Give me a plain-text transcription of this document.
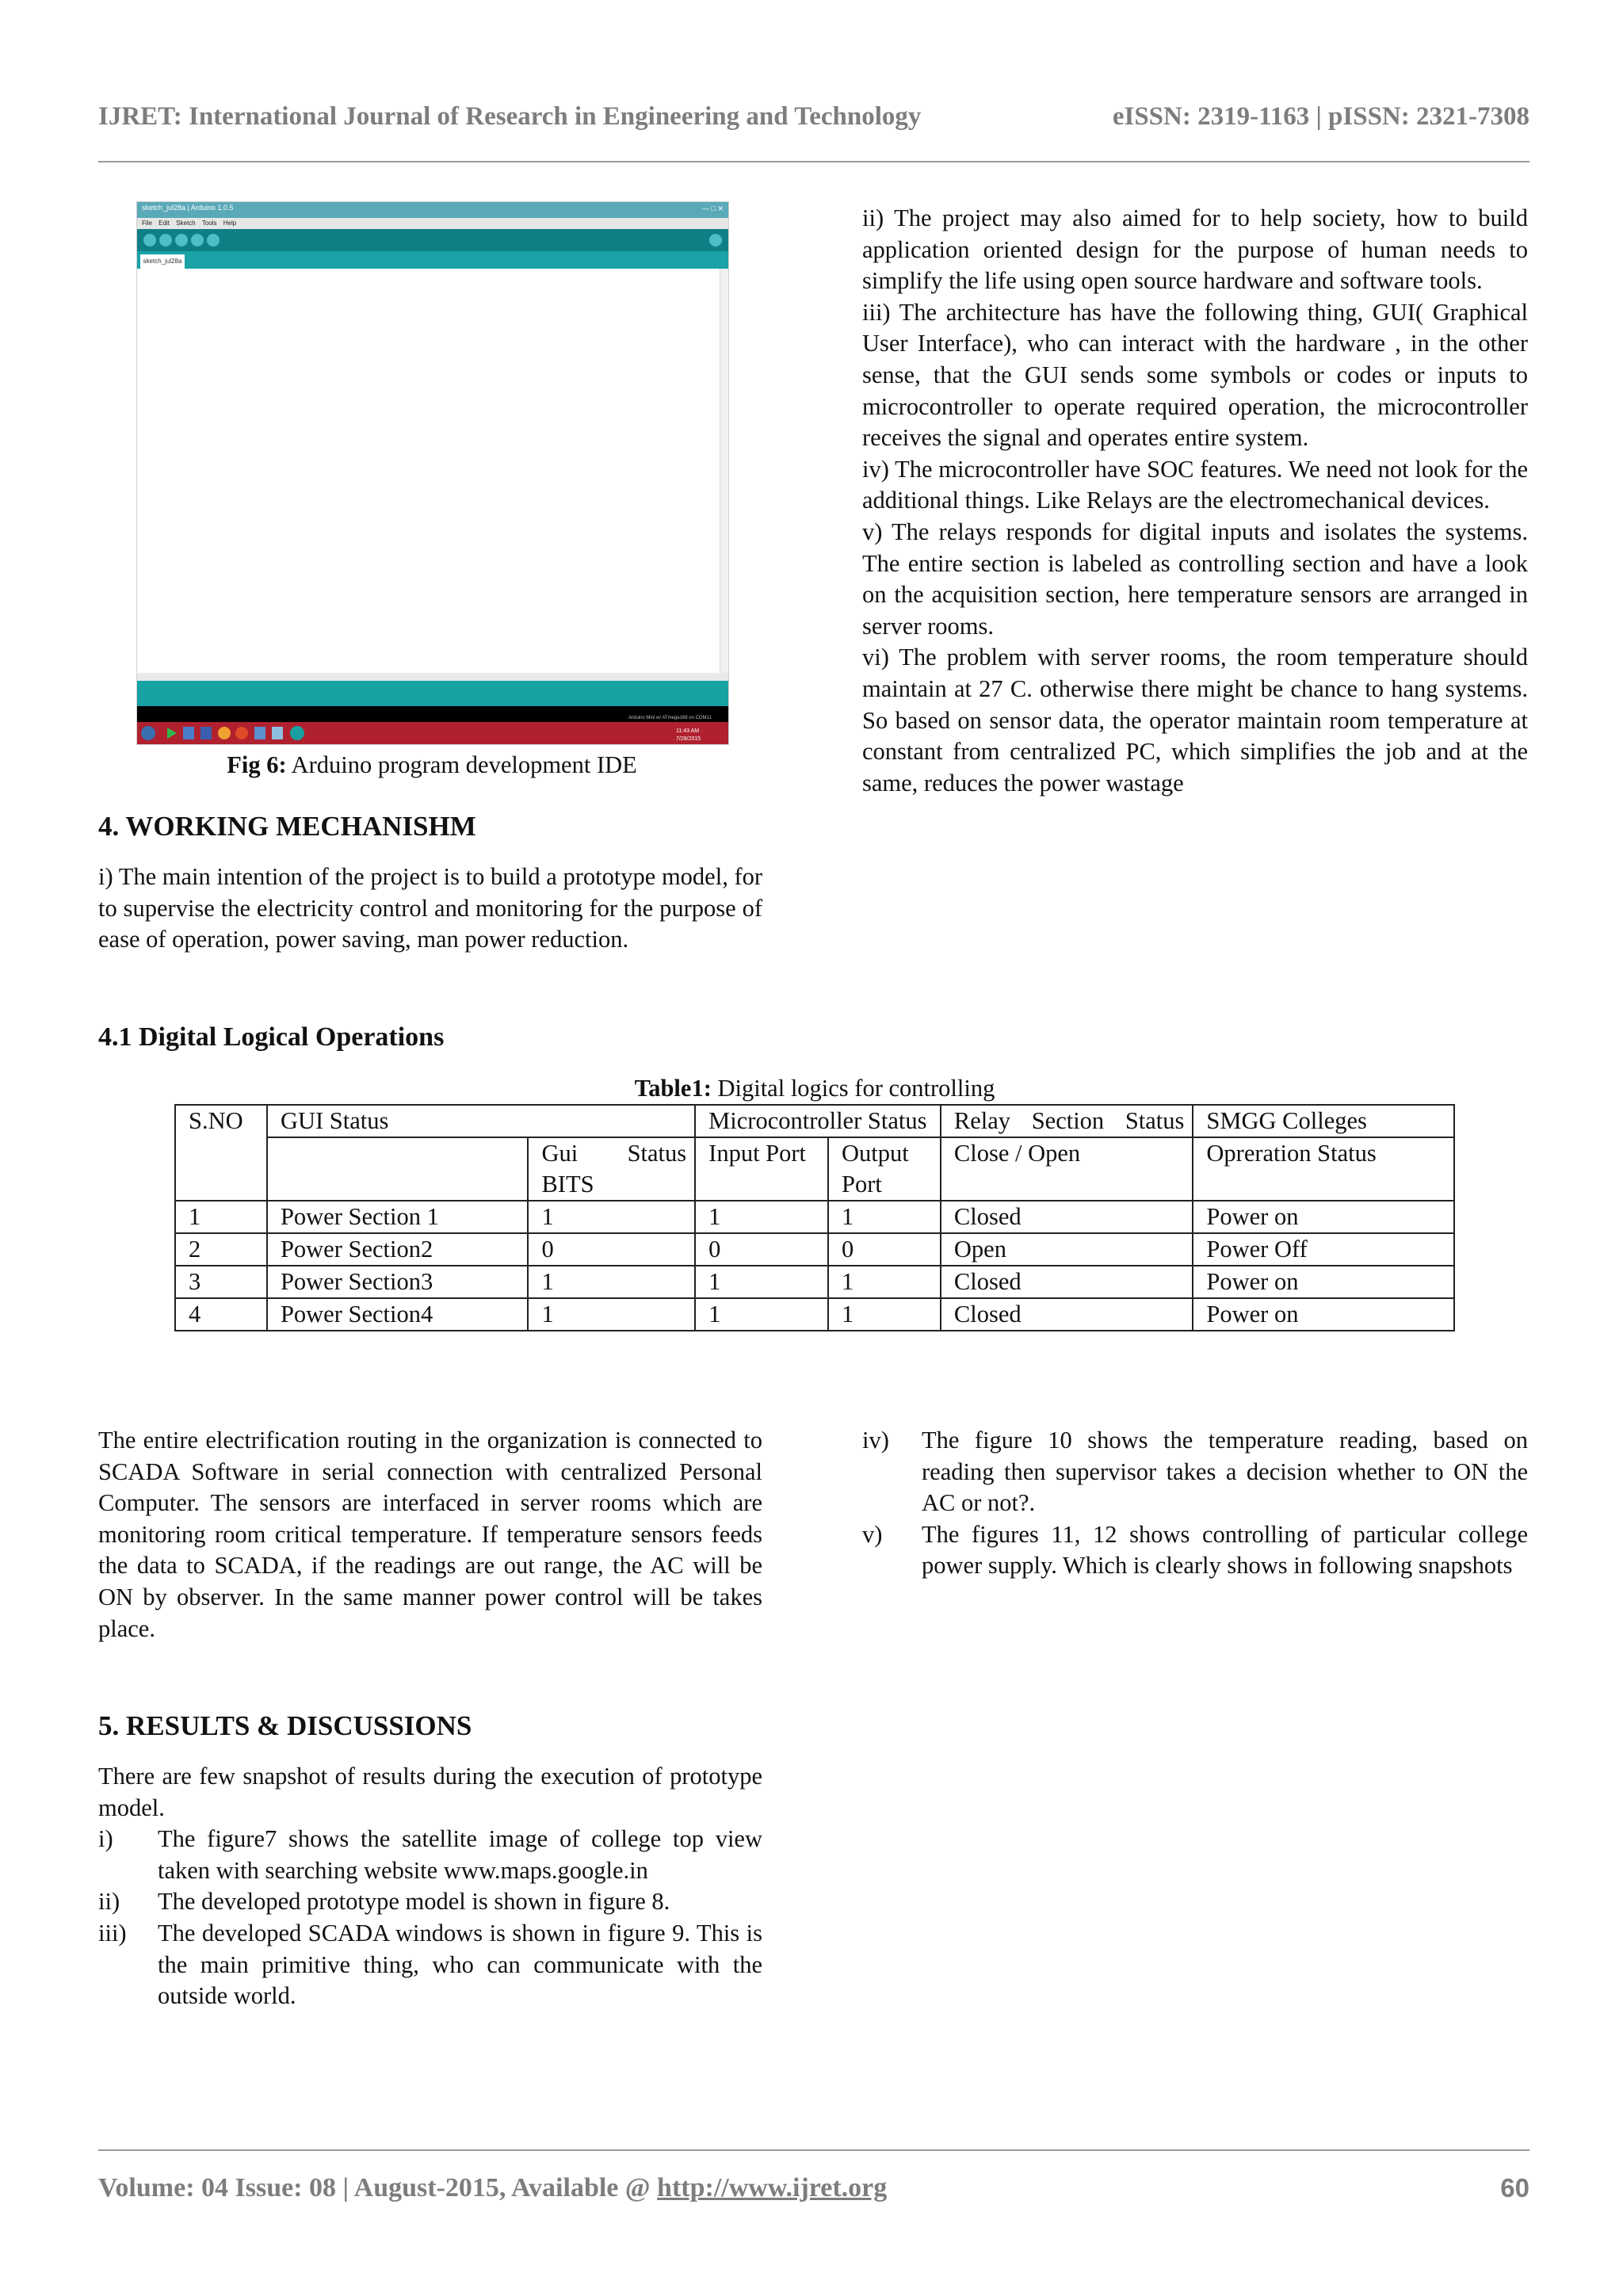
IJRET: International Journal of Research in Engineering and Technology	eISSN: 2319-1163 | pISSN: 2321-7308
sketch_jul28a | Arduino 1.0.5	— □ ✕
File Edit Sketch Tools Help
sketch_jul28a
Arduino Mini w/ ATmega168 on COM11
11:43 AM
7/28/2015
Fig 6: Arduino program development IDE
4. WORKING MECHANISHM

i) The main intention of the project is to build a prototype model, for to supervise the electricity control and monitoring for the purpose of ease of operation, power saving, man power reduction.

4.1 Digital Logical Operations

ii) The project may also aimed for to help society, how to build application oriented design for the purpose of human needs to simplify the life using open source hardware and software tools.

iii) The architecture has have the following thing, GUI( Graphical User Interface), who can interact with the hardware , in the other sense, that the GUI sends some symbols or codes or inputs to microcontroller to operate required operation, the microcontroller receives the signal and operates entire system.

iv) The microcontroller have SOC features. We need not look for the additional things. Like Relays are the electromechanical devices.

v) The relays responds for digital inputs and isolates the systems. The entire section is labeled as controlling section and have a look on the acquisition section, here temperature sensors are arranged in server rooms.

vi) The problem with server rooms, the room temperature should maintain at 27 C. otherwise there might be chance to hang systems. So based on sensor data, the operator maintain room temperature at constant from centralized PC, which simplifies the job and at the same, reduces the power wastage

Table1: Digital logics for controlling
S.NO	GUI Status		Microcontroller Status		Relay Section Status	SMGG Colleges
		Gui Status BITS	Input Port	Output Port	Close / Open	Opreration Status
1	Power Section 1	1	1	1	Closed	Power on
2	Power Section2	0	0	0	Open	Power Off
3	Power Section3	1	1	1	Closed	Power on
4	Power Section4	1	1	1	Closed	Power on

The entire electrification routing in the organization is connected to SCADA Software in serial connection with centralized Personal Computer. The sensors are interfaced in server rooms which are monitoring room critical temperature. If temperature sensors feeds the data to SCADA, if the readings are out range, the AC will be ON by observer. In the same manner power control will be takes place.

5. RESULTS & DISCUSSIONS

There are few snapshot of results during the execution of prototype model.

i)	The figure7 shows the satellite image of college top view taken with searching website www.maps.google.in
ii)	The developed prototype model is shown in figure 8.
iii)	The developed SCADA windows is shown in figure 9. This is the main primitive thing, who can communicate with the outside world.
iv)	The figure 10 shows the temperature reading, based on reading then supervisor takes a decision whether to ON the AC or not?.
v)	The figures 11, 12 shows controlling of particular college power supply. Which is clearly shows in following snapshots
Volume: 04 Issue: 08 | August-2015, Available @ http://www.ijret.org	60
